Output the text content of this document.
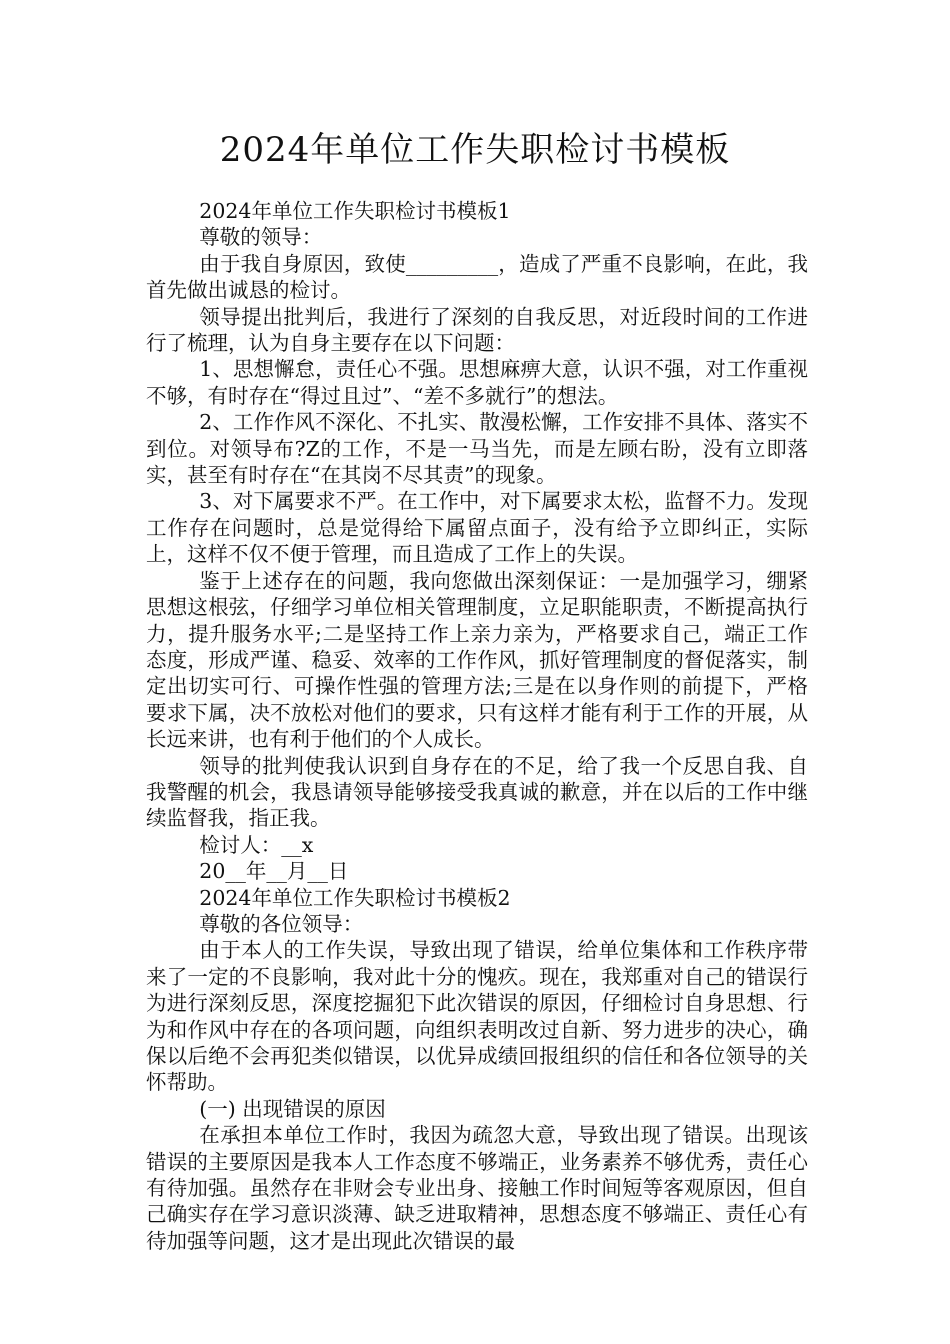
2024年单位工作失职检讨书模板

2024年单位工作失职检讨书模板1

尊敬的领导：

由于我自身原因，致使_________，造成了严重不良影响，在此，我首先做出诚恳的检讨。

领导提出批判后，我进行了深刻的自我反思，对近段时间的工作进行了梳理，认为自身主要存在以下问题：

1、思想懈怠，责任心不强。思想麻痹大意，认识不强，对工作重视不够，有时存在“得过且过”、“差不多就行”的想法。

2、工作作风不深化、不扎实、散漫松懈，工作安排不具体、落实不到位。对领导布?Z的工作，不是一马当先，而是左顾右盼，没有立即落实，甚至有时存在“在其岗不尽其责”的现象。

3、对下属要求不严。在工作中，对下属要求太松，监督不力。发现工作存在问题时，总是觉得给下属留点面子，没有给予立即纠正，实际上，这样不仅不便于管理，而且造成了工作上的失误。

鉴于上述存在的问题，我向您做出深刻保证：一是加强学习，绷紧思想这根弦，仔细学习单位相关管理制度，立足职能职责，不断提高执行力，提升服务水平;二是坚持工作上亲力亲为，严格要求自己，端正工作态度，形成严谨、稳妥、效率的工作作风，抓好管理制度的督促落实，制定出切实可行、可操作性强的管理方法;三是在以身作则的前提下，严格要求下属，决不放松对他们的要求，只有这样才能有利于工作的开展，从长远来讲，也有利于他们的个人成长。

领导的批判使我认识到自身存在的不足，给了我一个反思自我、自我警醒的机会，我恳请领导能够接受我真诚的歉意，并在以后的工作中继续监督我，指正我。

检讨人：__x

20__年__月__日

2024年单位工作失职检讨书模板2

尊敬的各位领导：

由于本人的工作失误，导致出现了错误，给单位集体和工作秩序带来了一定的不良影响，我对此十分的愧疚。现在，我郑重对自己的错误行为进行深刻反思，深度挖掘犯下此次错误的原因，仔细检讨自身思想、行为和作风中存在的各项问题，向组织表明改过自新、努力进步的决心，确保以后绝不会再犯类似错误，以优异成绩回报组织的信任和各位领导的关怀帮助。

(一) 出现错误的原因

在承担本单位工作时，我因为疏忽大意，导致出现了错误。出现该错误的主要原因是我本人工作态度不够端正，业务素养不够优秀，责任心有待加强。虽然存在非财会专业出身、接触工作时间短等客观原因，但自己确实存在学习意识淡薄、缺乏进取精神，思想态度不够端正、责任心有待加强等问题，这才是出现此次错误的最
